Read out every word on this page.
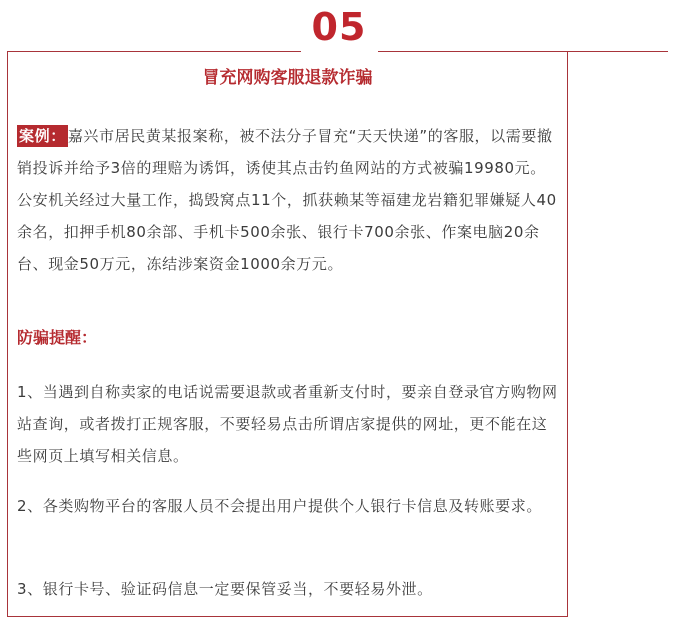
05
冒充网购客服退款诈骗
案例： 嘉兴市居民黄某报案称，被不法分子冒充“天天快递”的客服，以需要撤销投诉并给予3倍的理赔为诱饵，诱使其点击钓鱼网站的方式被骗19980元。公安机关经过大量工作，捣毁窝点11个，抓获赖某等福建龙岩籍犯罪嫌疑人40余名，扣押手机80余部、手机卡500余张、银行卡700余张、作案电脑20余台、现金50万元，冻结涉案资金1000余万元。
防骗提醒：
1、当遇到自称卖家的电话说需要退款或者重新支付时，要亲自登录官方购物网站查询，或者拨打正规客服，不要轻易点击所谓店家提供的网址，更不能在这些网页上填写相关信息。
2、各类购物平台的客服人员不会提出用户提供个人银行卡信息及转账要求。
3、银行卡号、验证码信息一定要保管妥当，不要轻易外泄。
